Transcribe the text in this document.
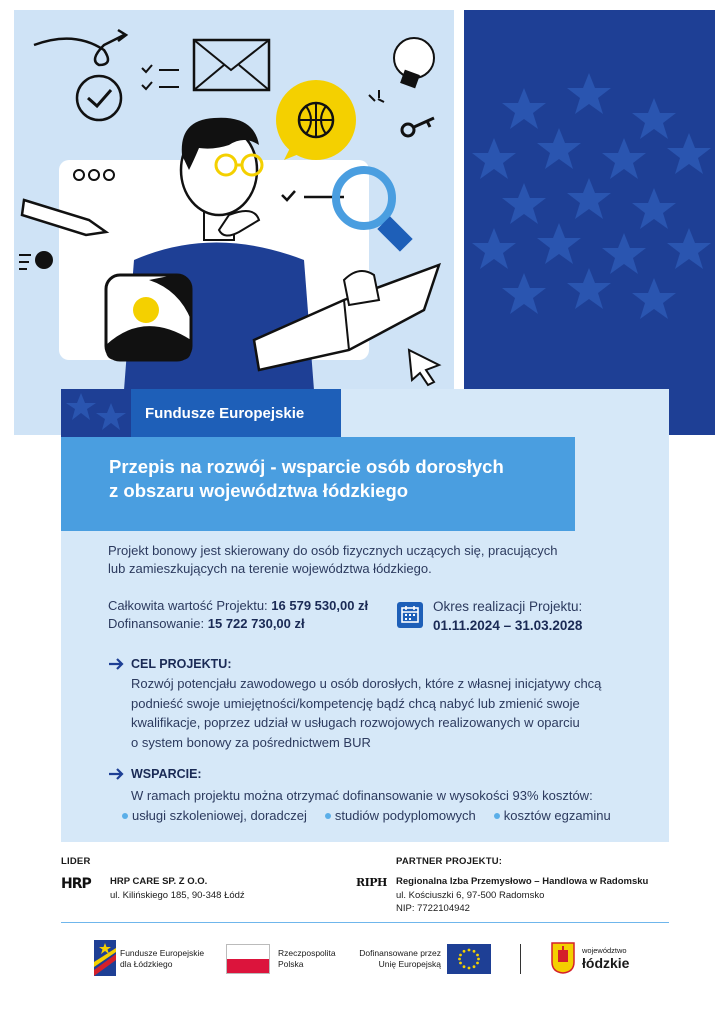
Fundusze Europejskie
Przepis na rozwój - wsparcie osób dorosłych
z obszaru województwa łódzkiego
Projekt bonowy jest skierowany do osób fizycznych uczących się, pracujących
lub zamieszkujących na terenie województwa łódzkiego.
Całkowita wartość Projektu: 16 579 530,00 zł
Dofinansowanie: 15 722 730,00 zł
Okres realizacji Projektu:
01.11.2024 – 31.03.2028
CEL PROJEKTU:
Rozwój potencjału zawodowego u osób dorosłych, które z własnej inicjatywy chcą
podnieść swoje umiejętności/kompetencję bądź chcą nabyć lub zmienić swoje
kwalifikacje, poprzez udział w usługach rozwojowych realizowanych w oparciu
o system bonowy za pośrednictwem BUR
WSPARCIE:
W ramach projektu można otrzymać dofinansowanie w wysokości 93% kosztów:
usługi szkoleniowej, doradczej studiów podyplomowych kosztów egzaminu
LIDER
HRP HRP CARE SP. Z O.O.
ul. Kilińskiego 185, 90-348 Łódź
PARTNER PROJEKTU:
RIPH Regionalna Izba Przemysłowo – Handlowa w Radomsku
ul. Kościuszki 6, 97-500 Radomsko
NIP: 7722104942
Fundusze Europejskie
dla Łódzkiego
Rzeczpospolita
Polska
Dofinansowane przez
Unię Europejską
województwo
łódzkie
